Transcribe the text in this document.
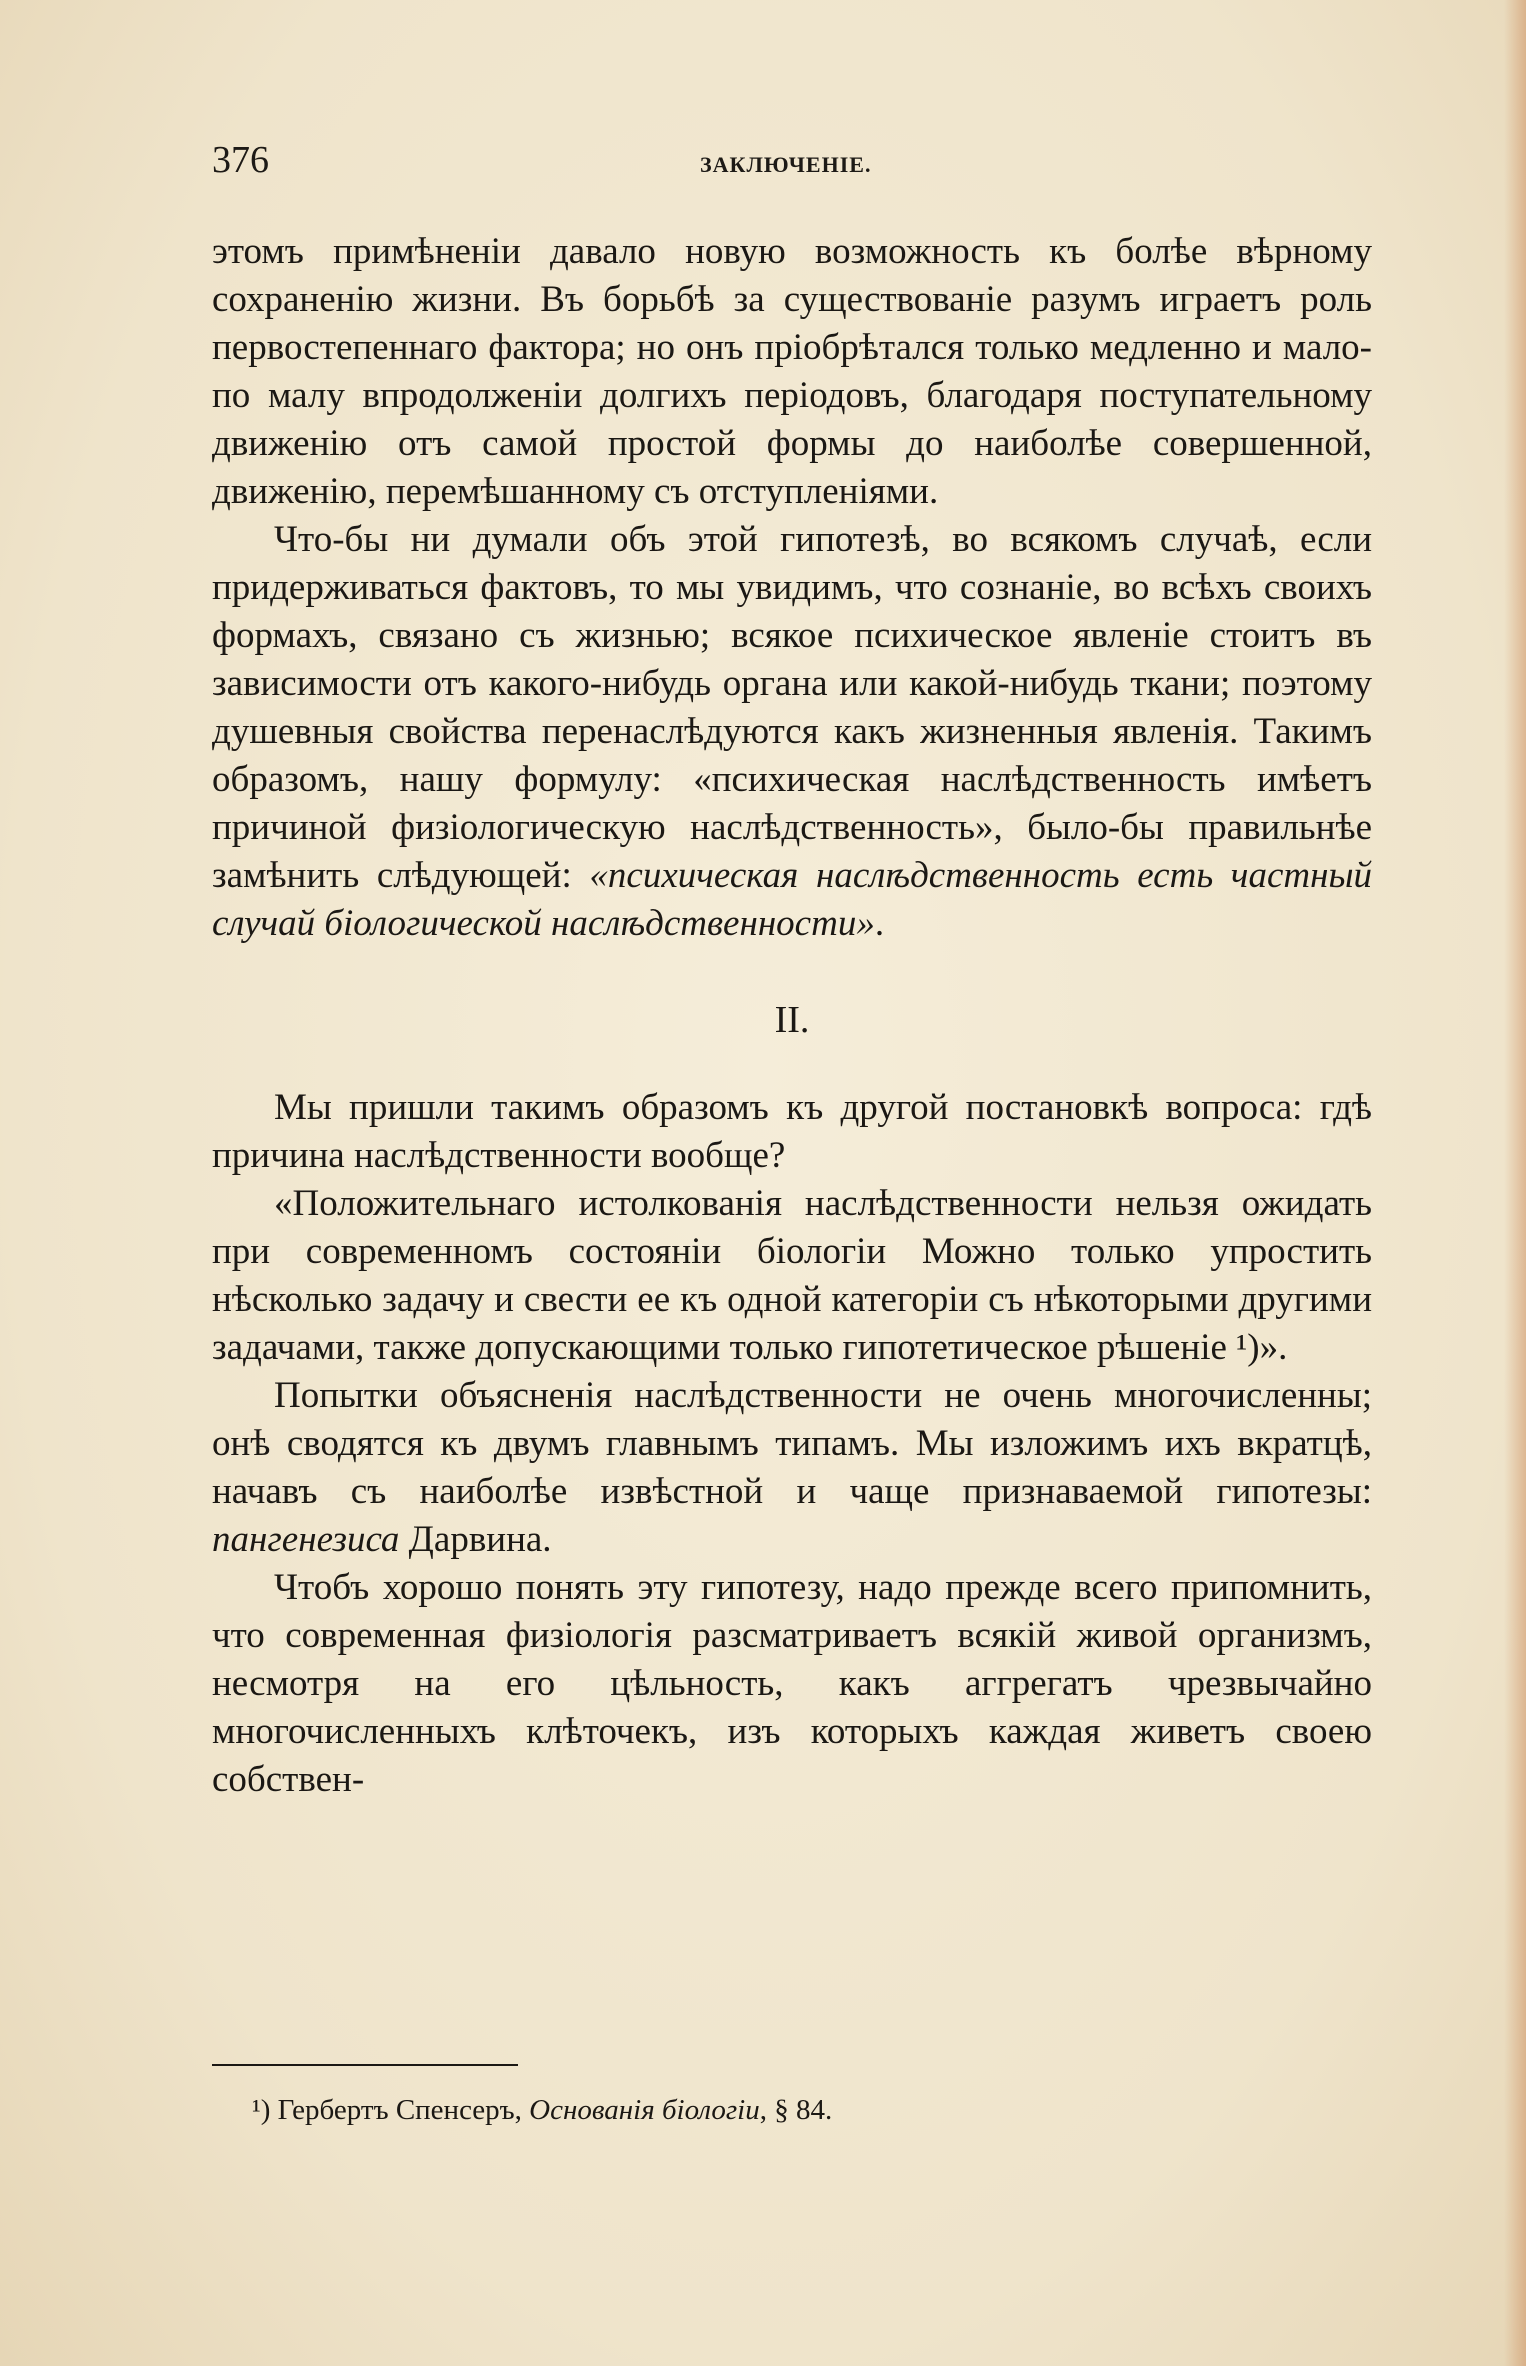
376	ЗАКЛЮЧЕНIЕ.

этомъ примѣненiи давало новую возможность къ болѣе вѣрному сохраненiю жизни. Въ борьбѣ за существованiе разумъ играетъ роль первостепеннаго фактора; но онъ прiобрѣтался только медленно и мало-по малу впродолженiи долгихъ перiодовъ, благодаря поступательному движенiю отъ самой простой формы до наиболѣе совершенной, движенiю, перемѣшанному съ отступленiями.

Что-бы ни думали объ этой гипотезѣ, во всякомъ случаѣ, если придерживаться фактовъ, то мы увидимъ, что сознанiе, во всѣхъ своихъ формахъ, связано съ жизнью; всякое психическое явленiе стоитъ въ зависимости отъ какого-нибудь органа или какой-нибудь ткани; поэтому душевныя свойства перенаслѣдуются какъ жизненныя явленiя. Такимъ образомъ, нашу формулу: «психическая наслѣдственность имѣетъ причиной физiологическую наслѣдственность», было-бы правильнѣе замѣнить слѣдующей: «психическая наслѣдственность есть частный случай бiологической наслѣдственности».

II.

Мы пришли такимъ образомъ къ другой постановкѣ вопроса: гдѣ причина наслѣдственности вообще?

«Положительнаго истолкованiя наслѣдственности нельзя ожидать при современномъ состоянiи бiологiи Можно только упростить нѣсколько задачу и свести ее къ одной категорiи съ нѣкоторыми другими задачами, также допускающими только гипотетическое рѣшенiе ¹)».

Попытки объясненiя наслѣдственности не очень многочисленны; онѣ сводятся къ двумъ главнымъ типамъ. Мы изложимъ ихъ вкратцѣ, начавъ съ наиболѣе извѣстной и чаще признаваемой гипотезы: пангенезиса Дарвина.

Чтобъ хорошо понять эту гипотезу, надо прежде всего припомнить, что современная физiологiя разсматриваетъ всякiй живой организмъ, несмотря на его цѣльность, какъ аггрегатъ чрезвычайно многочисленныхъ клѣточекъ, изъ которыхъ каждая живетъ своею собствен-

¹) Гербертъ Спенсеръ, Основанiя бiологiи, § 84.
